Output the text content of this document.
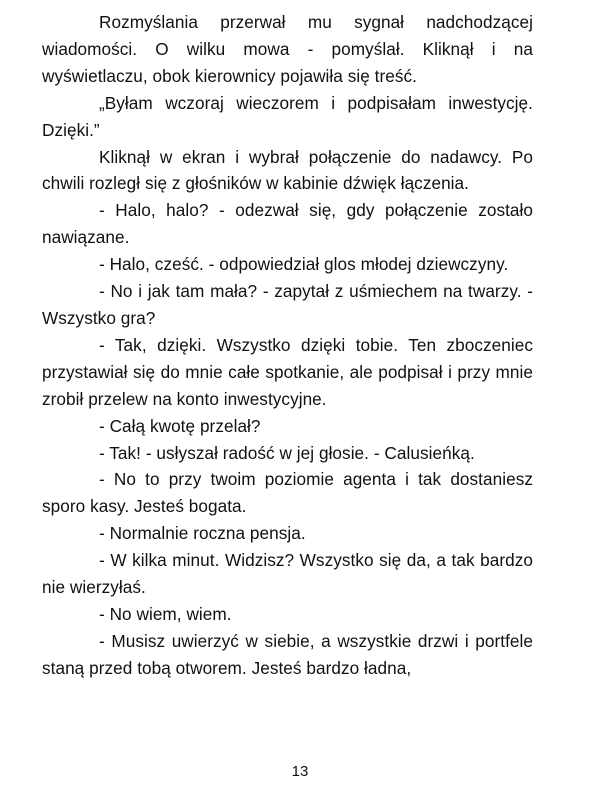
Rozmyślania przerwał mu sygnał nadchodzącej wiadomości. O wilku mowa - pomyślał. Kliknął i na wyświetlaczu, obok kierownicy pojawiła się treść.

„Byłam wczoraj wieczorem i podpisałam inwestycję. Dzięki.”

Kliknął w ekran i wybrał połączenie do nadawcy. Po chwili rozległ się z głośników w kabinie dźwięk łączenia.

- Halo, halo? - odezwał się, gdy połączenie zostało nawiązane.

- Halo, cześć. - odpowiedział glos młodej dziewczyny.

- No i jak tam mała? - zapytał z uśmiechem na twarzy. - Wszystko gra?

- Tak, dzięki. Wszystko dzięki tobie. Ten zboczeniec przystawiał się do mnie całe spotkanie, ale podpisał i przy mnie zrobił przelew na konto inwestycyjne.

- Całą kwotę przelał?

- Tak! - usłyszał radość w jej głosie. - Calusieńką.

- No to przy twoim poziomie agenta i tak dostaniesz sporo kasy. Jesteś bogata.

- Normalnie roczna pensja.

- W kilka minut. Widzisz? Wszystko się da, a tak bardzo nie wierzyłaś.

- No wiem, wiem.

- Musisz uwierzyć w siebie, a wszystkie drzwi i portfele staną przed tobą otworem. Jesteś bardzo ładna,

13
